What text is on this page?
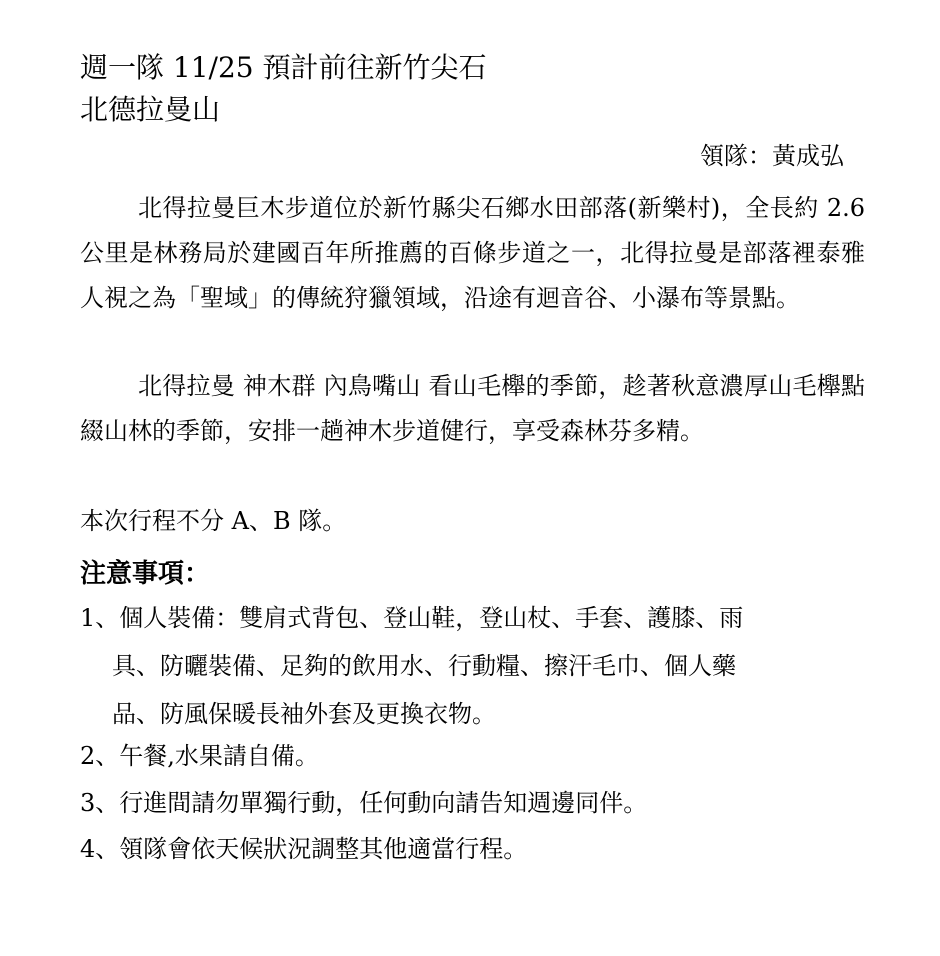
週一隊 11/25 預計前往新竹尖石
北德拉曼山
領隊：黃成弘

北得拉曼巨木步道位於新竹縣尖石鄉水田部落(新樂村)，全長約 2.6 公里是林務局於建國百年所推薦的百條步道之一，北得拉曼是部落裡泰雅人視之為「聖域」的傳統狩獵領域，沿途有迴音谷、小瀑布等景點。

北得拉曼 神木群 內鳥嘴山 看山毛櫸的季節，趁著秋意濃厚山毛櫸點綴山林的季節，安排一趟神木步道健行，享受森林芬多精。

本次行程不分 A、B 隊。
注意事項：
1、個人裝備：雙肩式背包、登山鞋，登山杖、手套、護膝、雨
具、防曬裝備、足夠的飲用水、行動糧、擦汗毛巾、個人藥
品、防風保暖長袖外套及更換衣物。
2、午餐,水果請自備。
3、行進間請勿單獨行動，任何動向請告知週邊同伴。
4、領隊會依天候狀況調整其他適當行程。
